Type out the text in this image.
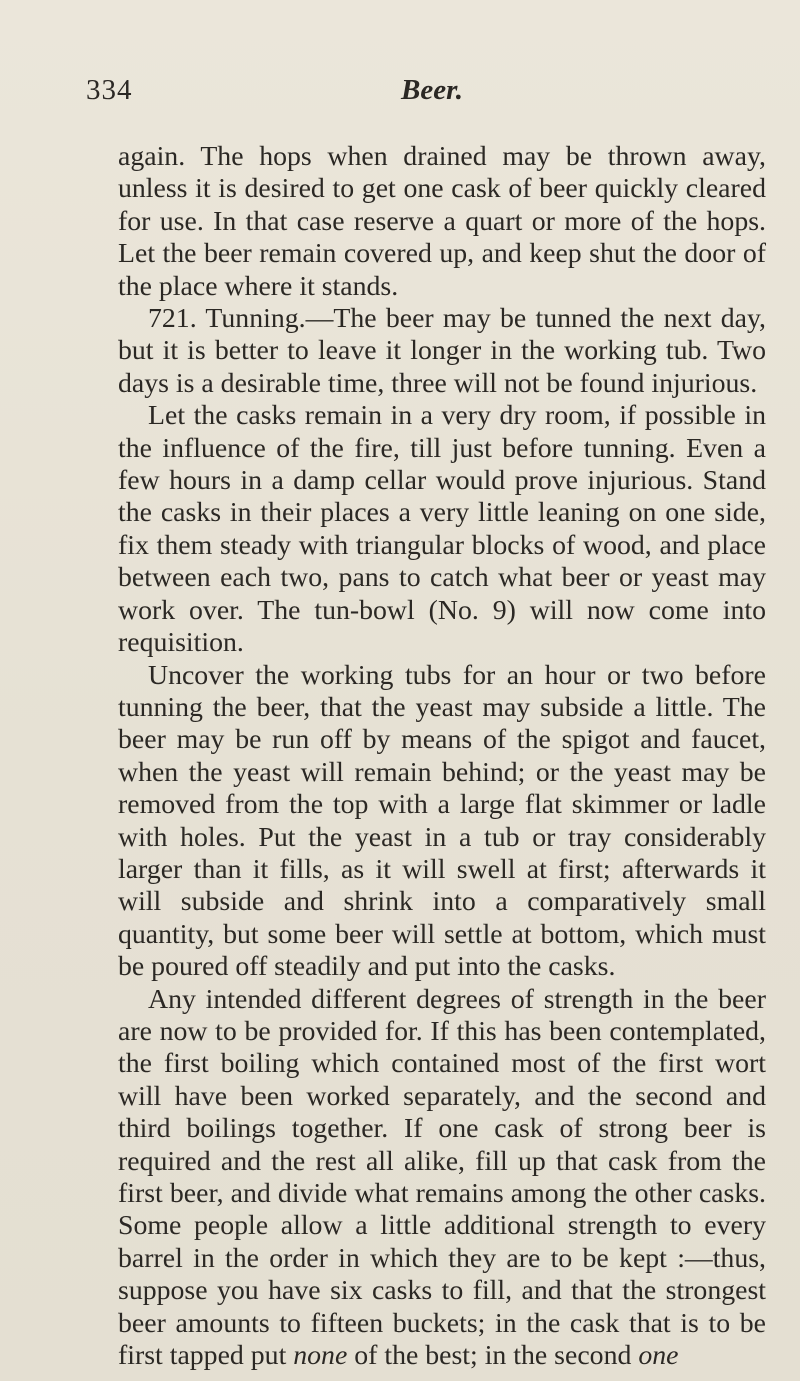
334	Beer.

again. The hops when drained may be thrown away, unless it is desired to get one cask of beer quickly cleared for use. In that case reserve a quart or more of the hops. Let the beer remain covered up, and keep shut the door of the place where it stands.

721. Tunning.—The beer may be tunned the next day, but it is better to leave it longer in the working tub. Two days is a desirable time, three will not be found injurious.

Let the casks remain in a very dry room, if possible in the influence of the fire, till just before tunning. Even a few hours in a damp cellar would prove injurious. Stand the casks in their places a very little leaning on one side, fix them steady with triangular blocks of wood, and place between each two, pans to catch what beer or yeast may work over. The tun-bowl (No. 9) will now come into requisition.

Uncover the working tubs for an hour or two before tunning the beer, that the yeast may subside a little. The beer may be run off by means of the spigot and faucet, when the yeast will remain behind; or the yeast may be removed from the top with a large flat skimmer or ladle with holes. Put the yeast in a tub or tray considerably larger than it fills, as it will swell at first; afterwards it will subside and shrink into a comparatively small quantity, but some beer will settle at bottom, which must be poured off steadily and put into the casks.

Any intended different degrees of strength in the beer are now to be provided for. If this has been contemplated, the first boiling which contained most of the first wort will have been worked separately, and the second and third boilings together. If one cask of strong beer is required and the rest all alike, fill up that cask from the first beer, and divide what remains among the other casks. Some people allow a little additional strength to every barrel in the order in which they are to be kept :—thus, suppose you have six casks to fill, and that the strongest beer amounts to fifteen buckets; in the cask that is to be first tapped put none of the best; in the second one
